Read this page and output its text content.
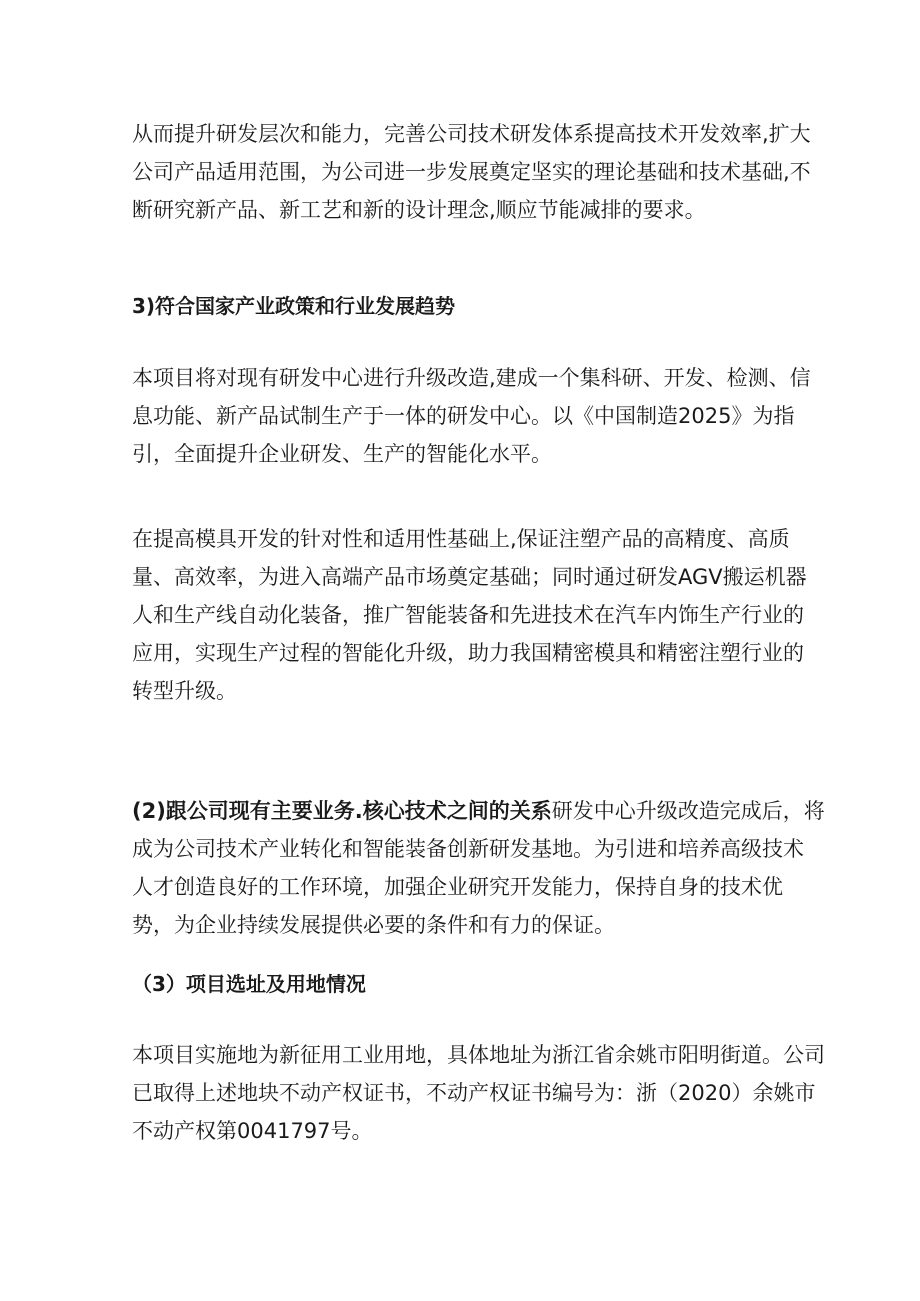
从而提升研发层次和能力，完善公司技术研发体系提高技术开发效率,扩大
公司产品适用范围，为公司进一步发展奠定坚实的理论基础和技术基础,不
断研究新产品、新工艺和新的设计理念,顺应节能减排的要求。
3)符合国家产业政策和行业发展趋势
本项目将对现有研发中心进行升级改造,建成一个集科研、开发、检测、信
息功能、新产品试制生产于一体的研发中心。以《中国制造2025》为指
引，全面提升企业研发、生产的智能化水平。
在提高模具开发的针对性和适用性基础上,保证注塑产品的高精度、高质
量、高效率，为进入高端产品市场奠定基础；同时通过研发AGV搬运机器
人和生产线自动化装备，推广智能装备和先进技术在汽车内饰生产行业的
应用，实现生产过程的智能化升级，助力我国精密模具和精密注塑行业的
转型升级。
(2)跟公司现有主要业务.核心技术之间的关系研发中心升级改造完成后，将
成为公司技术产业转化和智能装备创新研发基地。为引进和培养高级技术
人才创造良好的工作环境，加强企业研究开发能力，保持自身的技术优
势，为企业持续发展提供必要的条件和有力的保证。
（3）项目选址及用地情况
本项目实施地为新征用工业用地，具体地址为浙江省余姚市阳明街道。公司
已取得上述地块不动产权证书，不动产权证书编号为：浙（2020）余姚市
不动产权第0041797号。
